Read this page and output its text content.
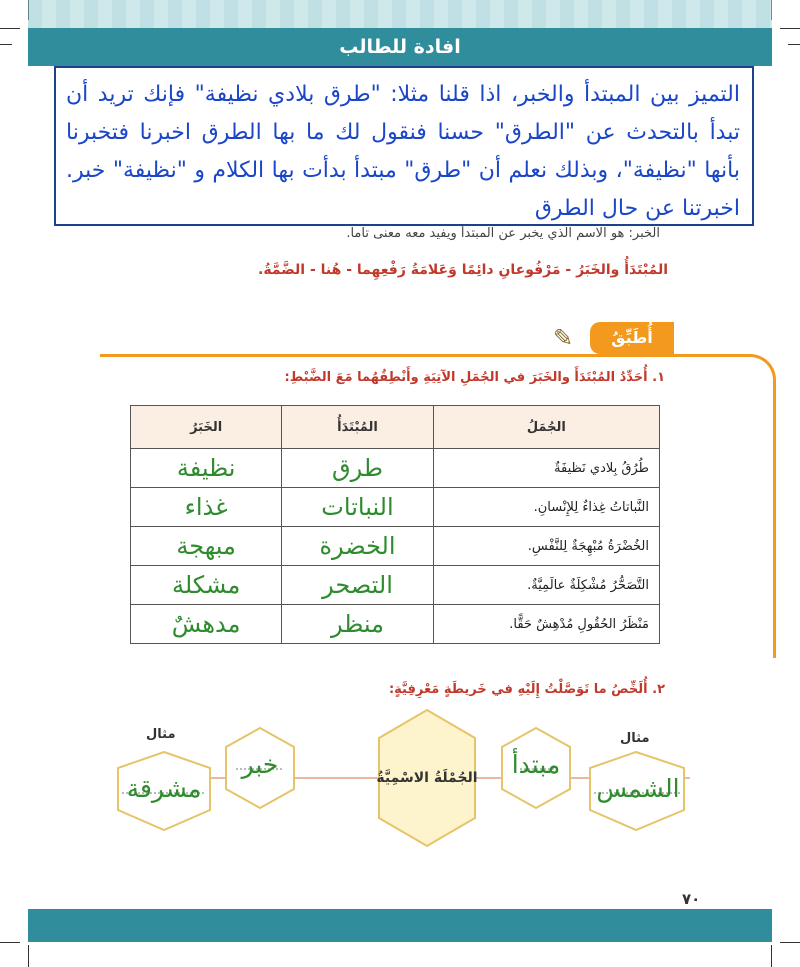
افادة للطالب
التميز بين المبتدأ والخبر، اذا قلنا مثلا: "طرق بلادي نظيفة" فإنك تريد أن تبدأ بالتحدث عن "الطرق" حسنا فنقول لك ما بها الطرق اخبرنا فتخبرنا بأنها "نظيفة"، وبذلك نعلم أن "طرق" مبتدأ بدأت بها الكلام و "نظيفة" خبر. اخبرتنا عن حال الطرق
الخبر: هو الاسم الذي يخبر عن المبتدأ ويفيد معه معنى تاما.
المُبْتَدَأُ والخَبَرُ - مَرْفُوعانِ دائِمًا وَعَلامَةُ رَفْعِهِما - هُنا - الضَّمَّةُ.
أُطَبِّقُ
✎
١. أُحَدِّدُ المُبْتَدَأَ والخَبَرَ في الجُمَلِ الآتِيَةِ وأَنْطِقُهُما مَعَ الضَّبْطِ:
الجُمَلُ	المُبْتَدَأُ	الخَبَرُ
طُرُقُ بِلادي نَظيفَةٌ	طرق	نظيفة
النَّباتاتُ غِذاءٌ لِلإِنْسانِ.	النباتات	غذاء
الخُضْرَةُ مُبْهِجَةٌ لِلنَّفْسِ.	الخضرة	مبهجة
التَّصَحُّرُ مُشْكِلَةٌ عالَمِيَّةٌ.	التصحر	مشكلة
مَنْظَرُ الحُقُولِ مُدْهِشٌ حَقًّا.	منظر	مدهشٌ
٢. أُلَخِّصُ ما تَوَصَّلْتُ إِلَيْهِ في خَريطَةٍ مَعْرِفِيَّةٍ:
الجُمْلَةُ الاسْمِيَّةُ	مبتدأ
خبر
الشمس
مشرقة
مثال
مثال
٧٠
